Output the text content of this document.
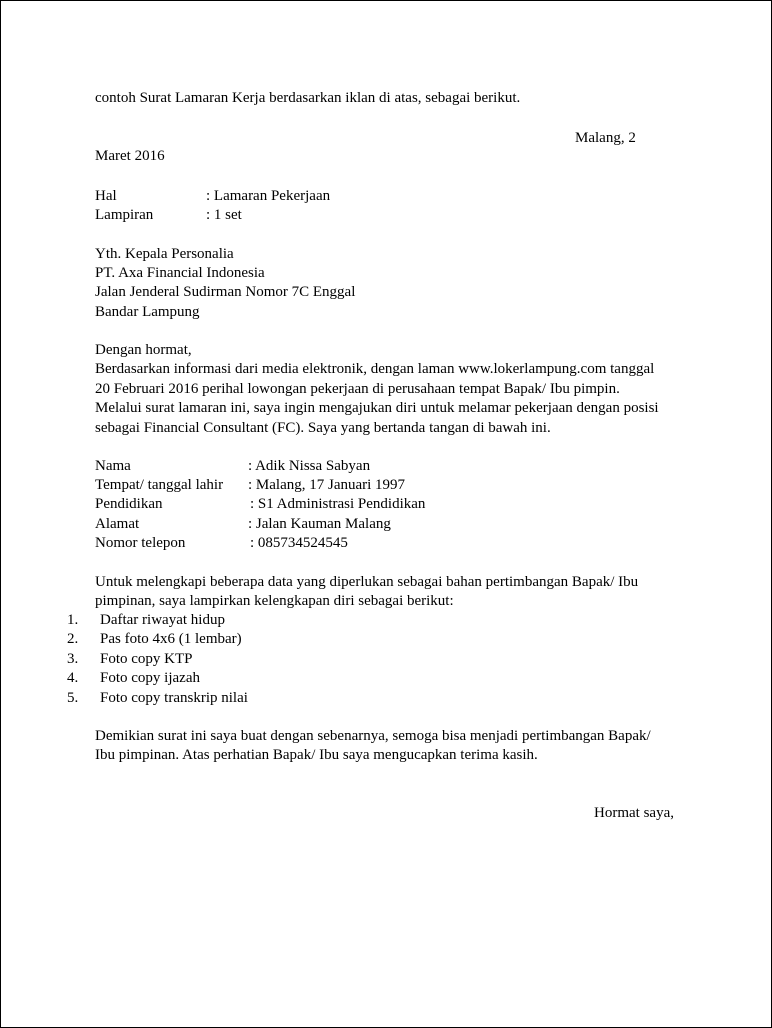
contoh Surat Lamaran Kerja berdasarkan iklan di atas, sebagai berikut.
Malang, 2
Maret 2016
Hal	: Lamaran Pekerjaan
Lampiran	: 1 set
Yth. Kepala Personalia
PT. Axa Financial Indonesia
Jalan Jenderal Sudirman Nomor 7C Enggal
Bandar Lampung
Dengan hormat,
Berdasarkan informasi dari media elektronik, dengan laman www.lokerlampung.com tanggal
20 Februari 2016 perihal lowongan pekerjaan di perusahaan tempat Bapak/ Ibu pimpin.
Melalui surat lamaran ini, saya ingin mengajukan diri untuk melamar pekerjaan dengan posisi
sebagai Financial Consultant (FC). Saya yang bertanda tangan di bawah ini.
Nama	: Adik Nissa Sabyan
Tempat/ tanggal lahir : Malang, 17 Januari 1997
Pendidikan	: S1 Administrasi Pendidikan
Alamat	: Jalan Kauman Malang
Nomor telepon	: 085734524545
Untuk melengkapi beberapa data yang diperlukan sebagai bahan pertimbangan Bapak/ Ibu
pimpinan, saya lampirkan kelengkapan diri sebagai berikut:
1. Daftar riwayat hidup
2. Pas foto 4x6 (1 lembar)
3. Foto copy KTP
4. Foto copy ijazah
5. Foto copy transkrip nilai
Demikian surat ini saya buat dengan sebenarnya, semoga bisa menjadi pertimbangan Bapak/
Ibu pimpinan. Atas perhatian Bapak/ Ibu saya mengucapkan terima kasih.
Hormat saya,
